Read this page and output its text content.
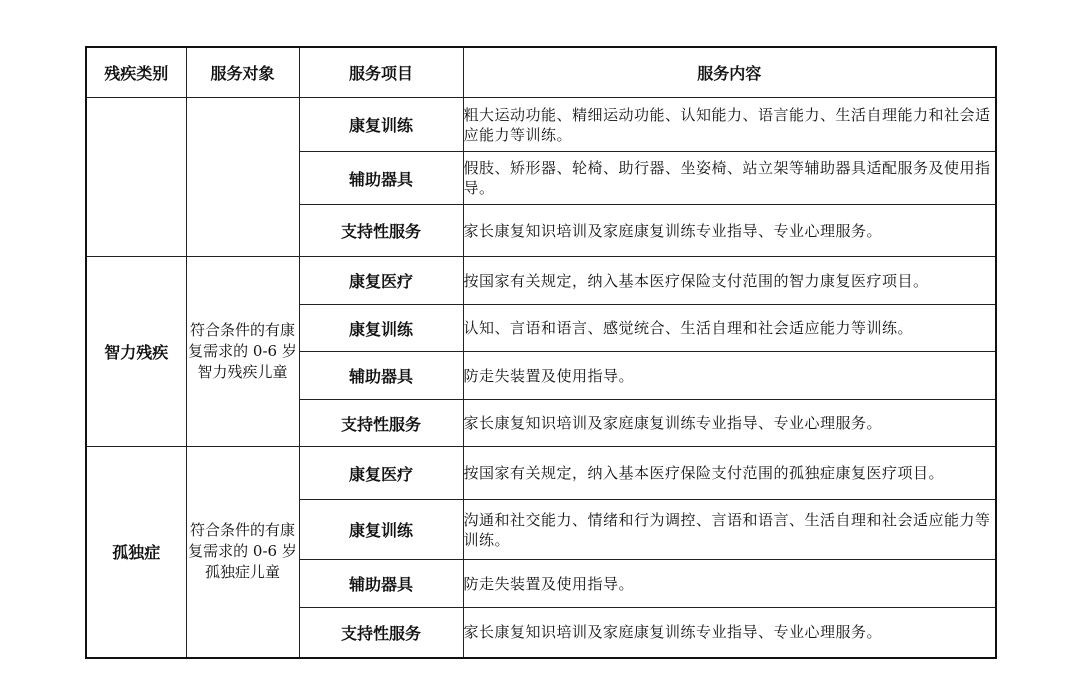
残疾类别	服务对象	服务项目	服务内容
		康复训练	粗大运动功能、精细运动功能、认知能力、语言能力、生活自理能力和社会适应能力等训练。
		辅助器具	假肢、矫形器、轮椅、助行器、坐姿椅、站立架等辅助器具适配服务及使用指导。
		支持性服务	家长康复知识培训及家庭康复训练专业指导、专业心理服务。
智力残疾	符合条件的有康复需求的 0-6 岁智力残疾儿童	康复医疗	按国家有关规定，纳入基本医疗保险支付范围的智力康复医疗项目。
		康复训练	认知、言语和语言、感觉统合、生活自理和社会适应能力等训练。
		辅助器具	防走失装置及使用指导。
		支持性服务	家长康复知识培训及家庭康复训练专业指导、专业心理服务。
孤独症	符合条件的有康复需求的 0-6 岁孤独症儿童	康复医疗	按国家有关规定，纳入基本医疗保险支付范围的孤独症康复医疗项目。
		康复训练	沟通和社交能力、情绪和行为调控、言语和语言、生活自理和社会适应能力等训练。
		辅助器具	防走失装置及使用指导。
		支持性服务	家长康复知识培训及家庭康复训练专业指导、专业心理服务。
